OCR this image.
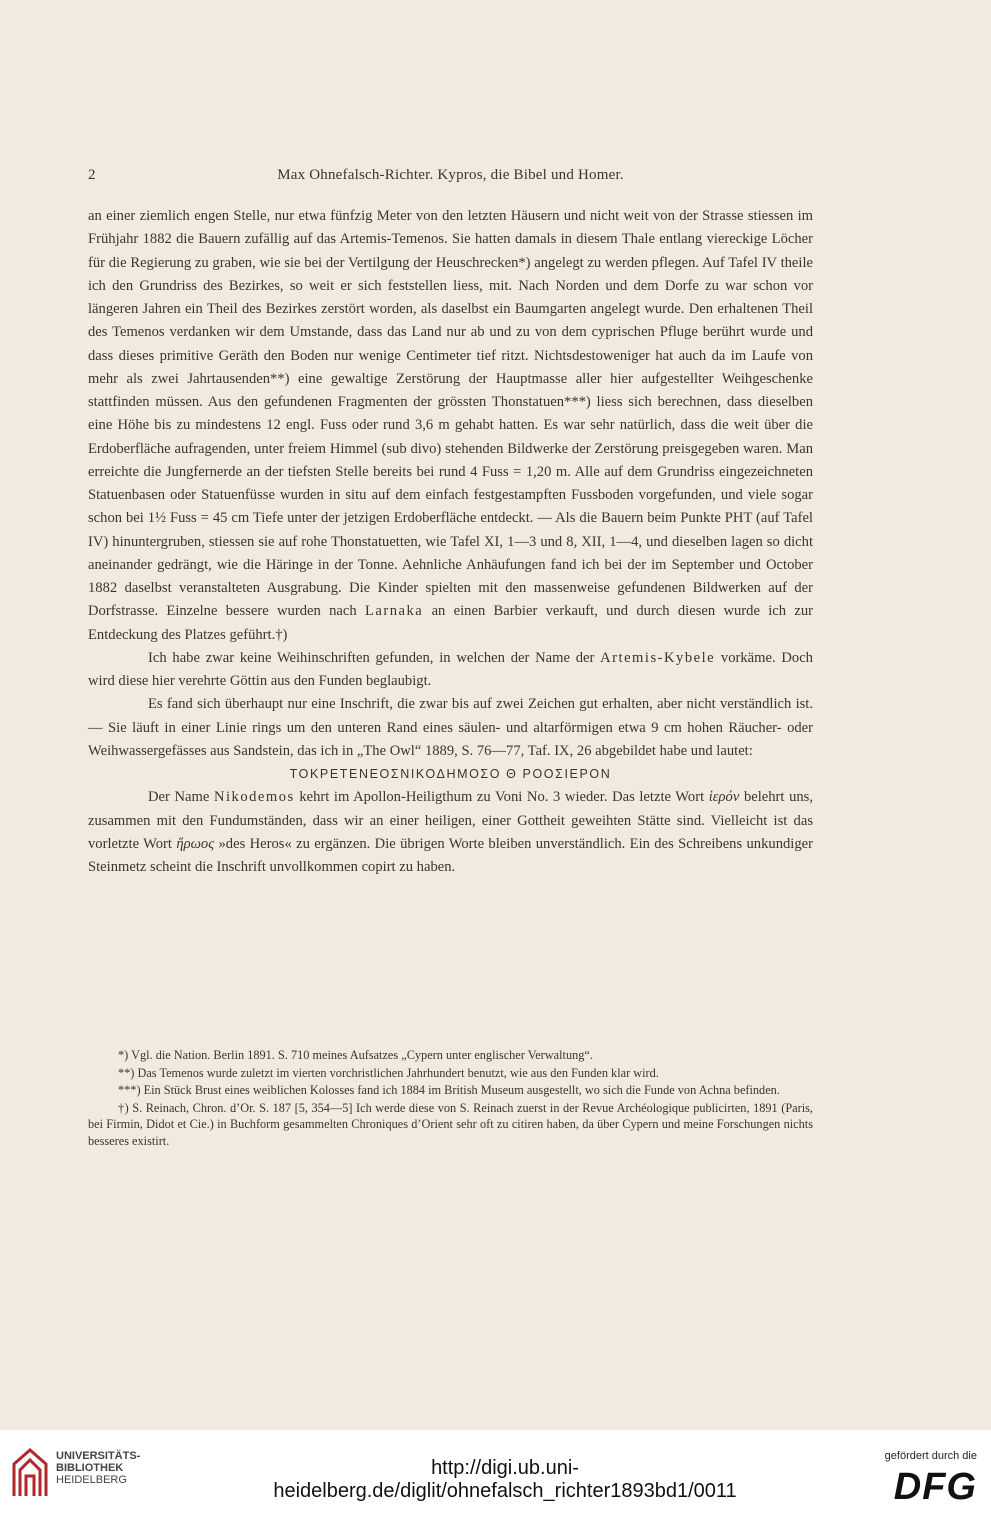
2	Max Ohnefalsch-Richter. Kypros, die Bibel und Homer.

an einer ziemlich engen Stelle, nur etwa fünfzig Meter von den letzten Häusern und nicht weit von der Strasse stiessen im Frühjahr 1882 die Bauern zufällig auf das Artemis-Temenos. Sie hatten damals in diesem Thale entlang viereckige Löcher für die Regierung zu graben, wie sie bei der Vertilgung der Heuschrecken*) angelegt zu werden pflegen. Auf Tafel IV theile ich den Grundriss des Bezirkes, so weit er sich feststellen liess, mit. Nach Norden und dem Dorfe zu war schon vor längeren Jahren ein Theil des Bezirkes zerstört worden, als daselbst ein Baumgarten angelegt wurde. Den erhaltenen Theil des Temenos verdanken wir dem Umstande, dass das Land nur ab und zu von dem cyprischen Pfluge berührt wurde und dass dieses primitive Geräth den Boden nur wenige Centimeter tief ritzt. Nichtsdestoweniger hat auch da im Laufe von mehr als zwei Jahrtausenden**) eine gewaltige Zerstörung der Hauptmasse aller hier aufgestellter Weihgeschenke stattfinden müssen. Aus den gefundenen Fragmenten der grössten Thonstatuen***) liess sich berechnen, dass dieselben eine Höhe bis zu mindestens 12 engl. Fuss oder rund 3,6 m gehabt hatten. Es war sehr natürlich, dass die weit über die Erdoberfläche aufragenden, unter freiem Himmel (sub divo) stehenden Bildwerke der Zerstörung preisgegeben waren. Man erreichte die Jungfernerde an der tiefsten Stelle bereits bei rund 4 Fuss = 1,20 m. Alle auf dem Grundriss eingezeichneten Statuenbasen oder Statuenfüsse wurden in situ auf dem einfach festgestampften Fussboden vorgefunden, und viele sogar schon bei 1½ Fuss = 45 cm Tiefe unter der jetzigen Erdoberfläche entdeckt. — Als die Bauern beim Punkte PHT (auf Tafel IV) hinuntergruben, stiessen sie auf rohe Thonstatuetten, wie Tafel XI, 1—3 und 8, XII, 1—4, und dieselben lagen so dicht aneinander gedrängt, wie die Häringe in der Tonne. Aehnliche Anhäufungen fand ich bei der im September und October 1882 daselbst veranstalteten Ausgrabung. Die Kinder spielten mit den massenweise gefundenen Bildwerken auf der Dorfstrasse. Einzelne bessere wurden nach Larnaka an einen Barbier verkauft, und durch diesen wurde ich zur Entdeckung des Platzes geführt.†)

Ich habe zwar keine Weihinschriften gefunden, in welchen der Name der Artemis-Kybele vorkäme. Doch wird diese hier verehrte Göttin aus den Funden beglaubigt.

Es fand sich überhaupt nur eine Inschrift, die zwar bis auf zwei Zeichen gut erhalten, aber nicht verständlich ist. — Sie läuft in einer Linie rings um den unteren Rand eines säulen- und altarförmigen etwa 9 cm hohen Räucher- oder Weihwassergefässes aus Sandstein, das ich in „The Owl“ 1889, S. 76—77, Taf. IX, 26 abgebildet habe und lautet:

ΤΟΚΡΕΤΕΝΕΟΣΝΙΚΟΔΗΜΟΣΟ Θ ΡΟΟΣΙΕΡΟΝ

Der Name Nikodemos kehrt im Apollon-Heiligthum zu Voni No. 3 wieder. Das letzte Wort ἱερόν belehrt uns, zusammen mit den Fundumständen, dass wir an einer heiligen, einer Gottheit geweihten Stätte sind. Vielleicht ist das vorletzte Wort ἥρωος »des Heros« zu ergänzen. Die übrigen Worte bleiben unverständlich. Ein des Schreibens unkundiger Steinmetz scheint die Inschrift unvollkommen copirt zu haben.

*) Vgl. die Nation. Berlin 1891. S. 710 meines Aufsatzes „Cypern unter englischer Verwaltung“.

**) Das Temenos wurde zuletzt im vierten vorchristlichen Jahrhundert benutzt, wie aus den Funden klar wird.

***) Ein Stück Brust eines weiblichen Kolosses fand ich 1884 im British Museum ausgestellt, wo sich die Funde von Achna befinden.

†) S. Reinach, Chron. d’Or. S. 187 [5, 354—5] Ich werde diese von S. Reinach zuerst in der Revue Archéologique publicirten, 1891 (Paris, bei Firmin, Didot et Cie.) in Buchform gesammelten Chroniques d’Orient sehr oft zu citiren haben, da über Cypern und meine Forschungen nichts besseres existirt.

UNIVERSITÄTS-
BIBLIOTHEK
HEIDELBERG
http://digi.ub.uni-heidelberg.de/diglit/ohnefalsch_richter1893bd1/0011
gefördert durch die
DFG
